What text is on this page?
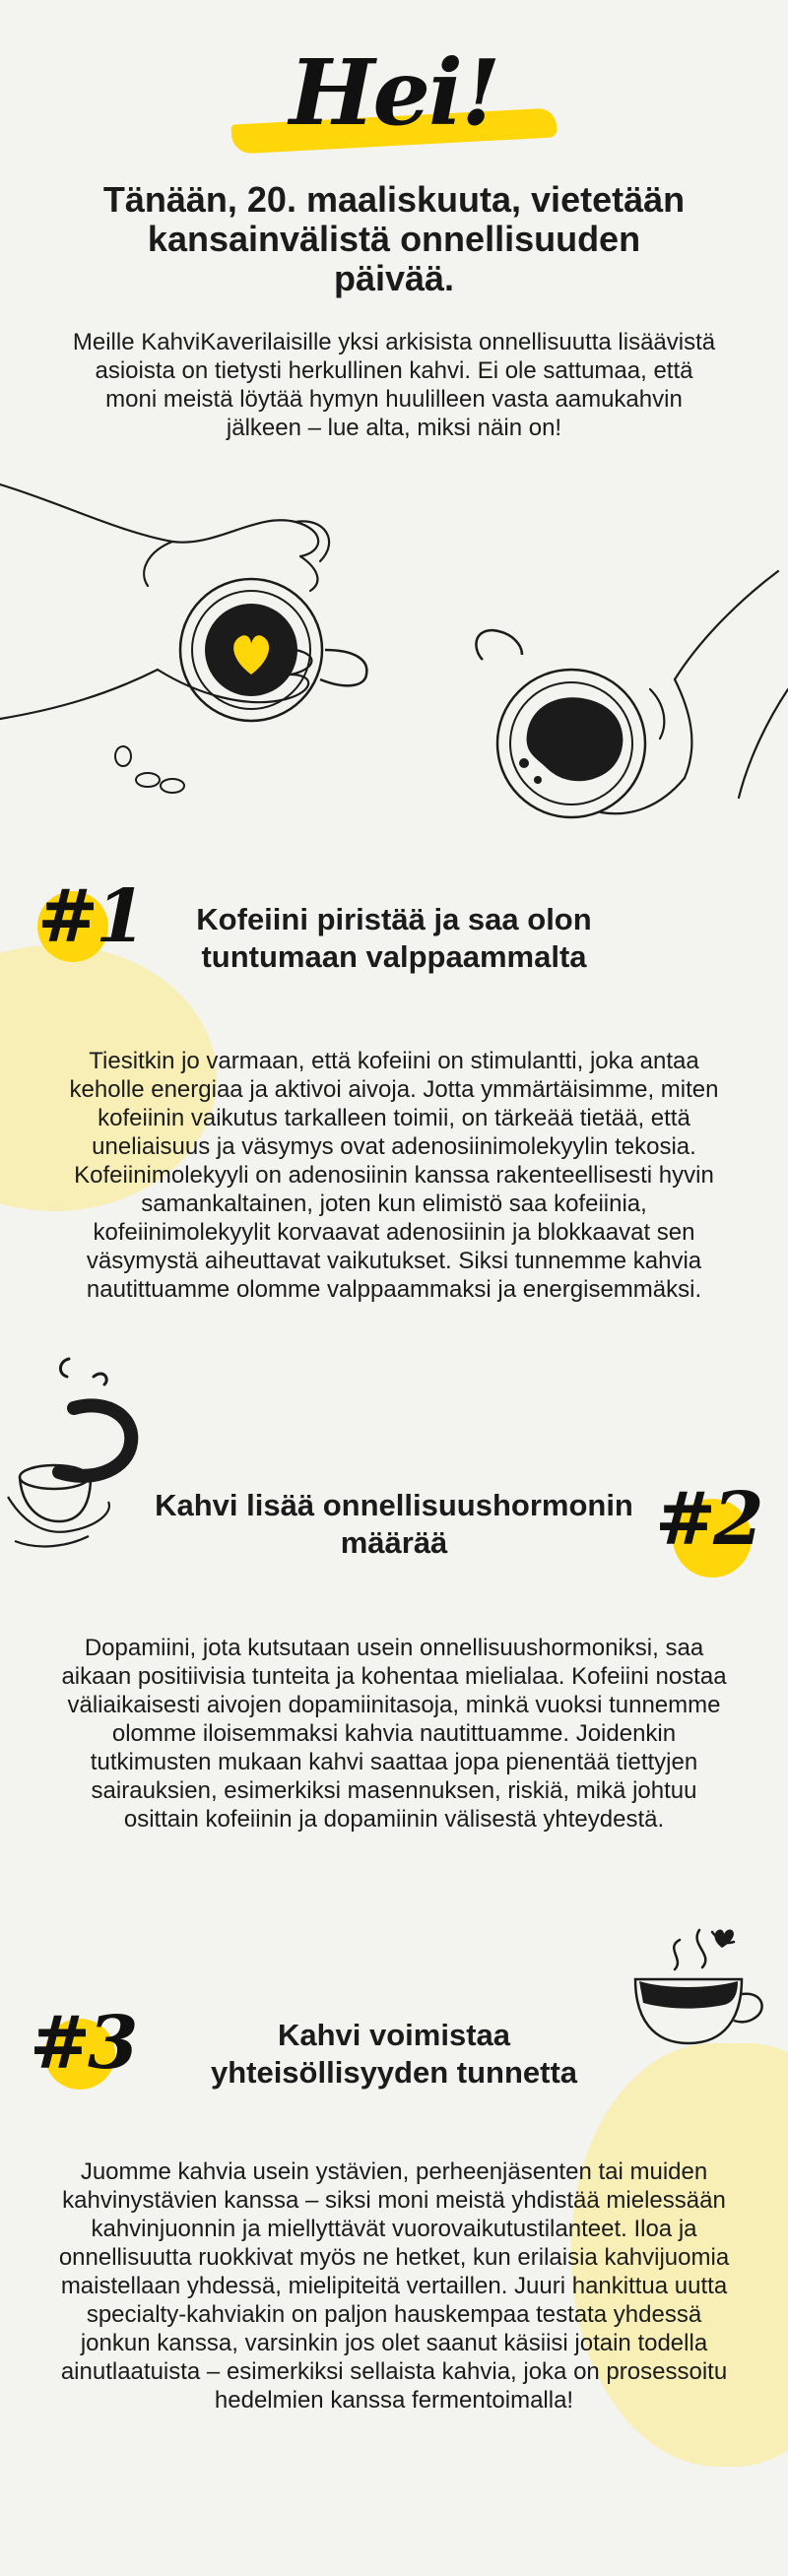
Hei!
Tänään, 20. maaliskuuta, vietetään kansainvälistä onnellisuuden päivää.
Meille KahviKaverilaisille yksi arkisista onnellisuutta lisäävistä asioista on tietysti herkullinen kahvi. Ei ole sattumaa, että moni meistä löytää hymyn huulilleen vasta aamukahvin jälkeen – lue alta, miksi näin on!
#1	Kofeiini piristää ja saa olon tuntumaan valppaammalta
Tiesitkin jo varmaan, että kofeiini on stimulantti, joka antaa keholle energiaa ja aktivoi aivoja. Jotta ymmärtäisimme, miten kofeiinin vaikutus tarkalleen toimii, on tärkeää tietää, että uneliaisuus ja väsymys ovat adenosiinimolekyylin tekosia. Kofeiinimolekyyli on adenosiinin kanssa rakenteellisesti hyvin samankaltainen, joten kun elimistö saa kofeiinia, kofeiinimolekyylit korvaavat adenosiinin ja blokkaavat sen väsymystä aiheuttavat vaikutukset. Siksi tunnemme kahvia nautittuamme olomme valppaammaksi ja energisemmäksi.
Kahvi lisää onnellisuushormonin määrää	#2
Dopamiini, jota kutsutaan usein onnellisuushormoniksi, saa aikaan positiivisia tunteita ja kohentaa mielialaa. Kofeiini nostaa väliaikaisesti aivojen dopamiinitasoja, minkä vuoksi tunnemme olomme iloisemmaksi kahvia nautittuamme. Joidenkin tutkimusten mukaan kahvi saattaa jopa pienentää tiettyjen sairauksien, esimerkiksi masennuksen, riskiä, mikä johtuu osittain kofeiinin ja dopamiinin välisestä yhteydestä.
#3	Kahvi voimistaa yhteisöllisyyden tunnetta
Juomme kahvia usein ystävien, perheenjäsenten tai muiden kahvinystävien kanssa – siksi moni meistä yhdistää mielessään kahvinjuonnin ja miellyttävät vuorovaikutustilanteet. Iloa ja onnellisuutta ruokkivat myös ne hetket, kun erilaisia kahvijuomia maistellaan yhdessä, mielipiteitä vertaillen. Juuri hankittua uutta specialty-kahviakin on paljon hauskempaa testata yhdessä jonkun kanssa, varsinkin jos olet saanut käsiisi jotain todella ainutlaatuista – esimerkiksi sellaista kahvia, joka on prosessoitu hedelmien kanssa fermentoimalla!
